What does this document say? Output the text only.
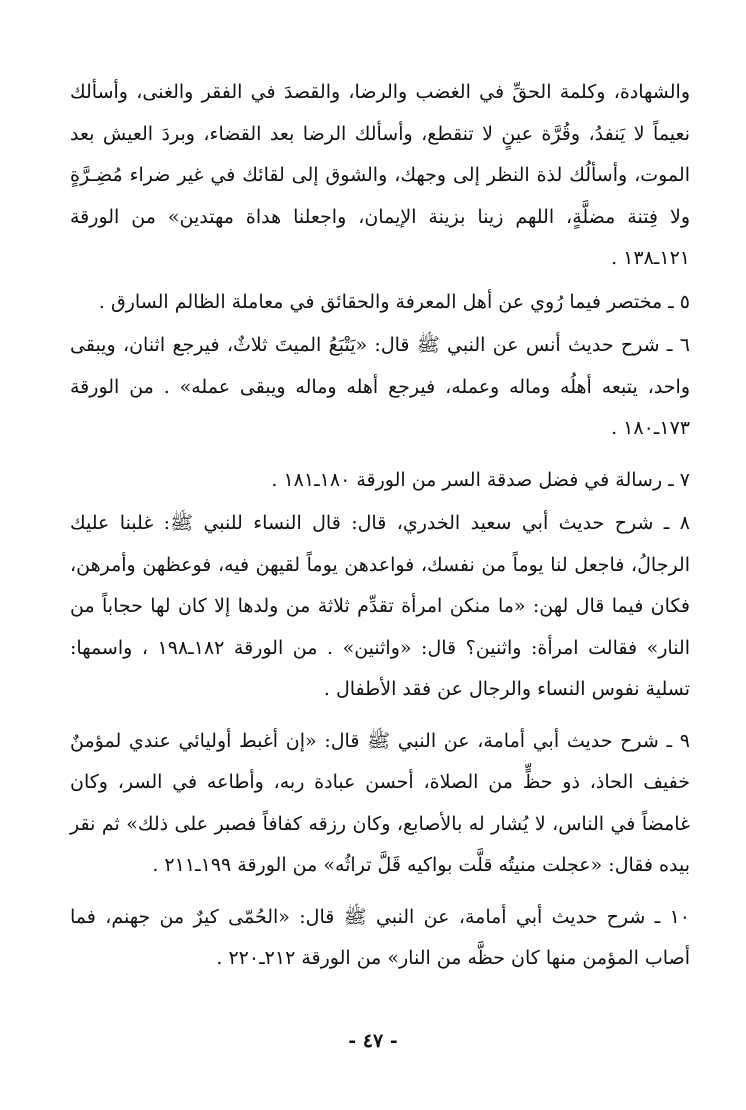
والشهادة، وكلمة الحقِّ في الغضب والرضا، والقصدَ في الفقر والغنى، وأسألك نعيماً لا يَنفدُ، وقُرَّة عينٍ لا تنقطع، وأسألك الرضا بعد القضاء، وبردَ العيش بعد الموت، وأسألُك لذة النظر إلى وجهك، والشوق إلى لقائك في غير ضراء مُضِـرَّةٍ ولا فِتنة مضلَّةٍ، اللهم زينا بزينة الإيمان، واجعلنا هداة مهتدين» من الورقة ١٢١ـ١٣٨ .

٥ ـ مختصر فيما رُوي عن أهل المعرفة والحقائق في معاملة الظالم السارق .

٦ ـ شرح حديث أنس عن النبي ﷺ قال: «يَتْبَعُ الميتَ ثلاثٌ، فيرجع اثنان، ويبقى واحد، يتبعه أهلُه وماله وعمله، فيرجع أهله وماله ويبقى عمله» . من الورقة ١٧٣ـ١٨٠ .

٧ ـ رسالة في فضل صدقة السر من الورقة ١٨٠ـ١٨١ .

٨ ـ شرح حديث أبي سعيد الخدري، قال: قال النساء للنبي ﷺ: غلبنا عليك الرجالُ، فاجعل لنا يوماً من نفسك، فواعدهن يوماً لقيهن فيه، فوعظهن وأمرهن، فكان فيما قال لهن: «ما منكن امرأة تقدِّم ثلاثة من ولدها إلا كان لها حجاباً من النار» فقالت امرأة: واثنين؟ قال: «واثنين» . من الورقة ١٨٢ـ١٩٨ ، واسمها: تسلية نفوس النساء والرجال عن فقد الأطفال .

٩ ـ شرح حديث أبي أمامة، عن النبي ﷺ قال: «إن أغبط أوليائي عندي لمؤمنٌ خفيف الحاذ، ذو حظٍّ من الصلاة، أحسن عبادة ربه، وأطاعه في السر، وكان غامضاً في الناس، لا يُشار له بالأصابع، وكان رزقه كفافاً فصبر على ذلك» ثم نقر بيده فقال: «عجلت منيتُه قلَّت بواكيه قَلَّ تراثُه» من الورقة ١٩٩ـ٢١١ .

١٠ ـ شرح حديث أبي أمامة، عن النبي ﷺ قال: «الحُمّى كيرٌ من جهنم، فما أصاب المؤمن منها كان حظَّه من النار» من الورقة ٢١٢ـ٢٢٠ .

- ٤٧ -
